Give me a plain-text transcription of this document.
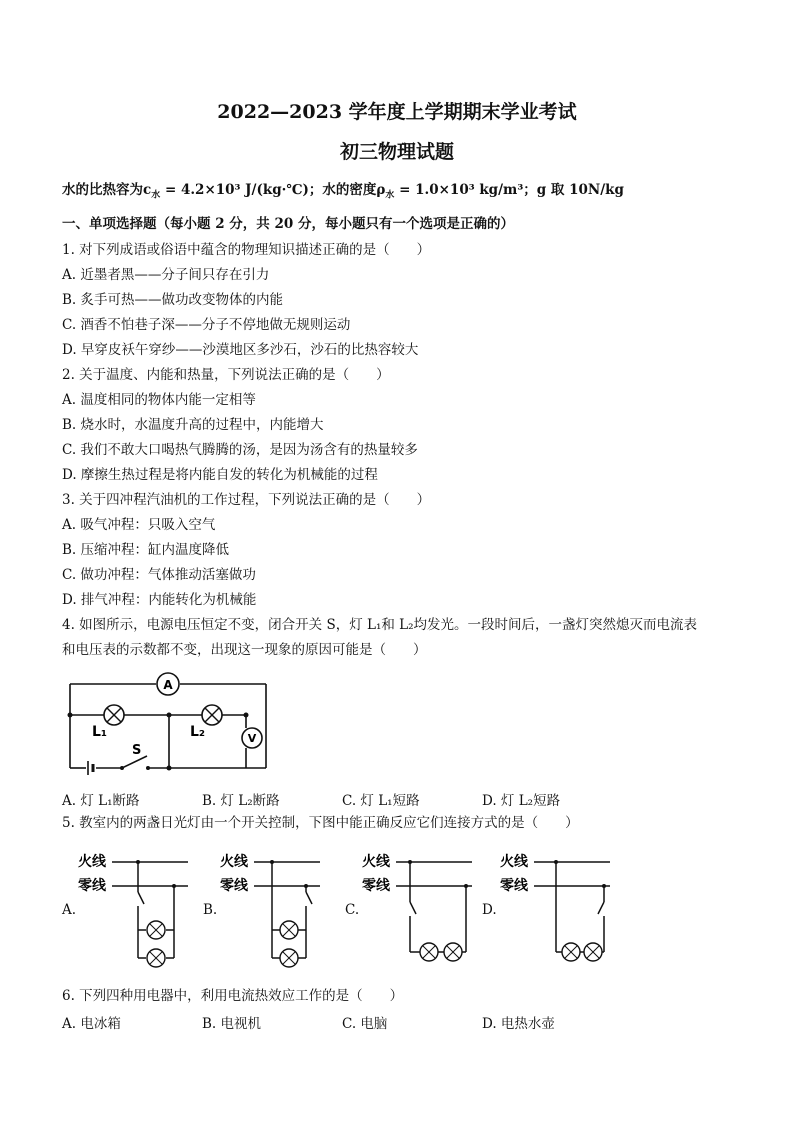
2022—2023 学年度上学期期末学业考试
初三物理试题
水的比热容为$c_水 = 4.2\times 10^3$ J/(kg·℃)；水的密度$\rho_水 = 1.0\times 10^3$ kg/m³；g 取 10N/kg
一、单项选择题（每小题 2 分，共 20 分，每小题只有一个选项是正确的）
1. 对下列成语或俗语中蕴含的物理知识描述正确的是（　　）
A. 近墨者黑——分子间只存在引力
B. 炙手可热——做功改变物体的内能
C. 酒香不怕巷子深——分子不停地做无规则运动
D. 早穿皮袄午穿纱——沙漠地区多沙石，沙石的比热容较大
2. 关于温度、内能和热量，下列说法正确的是（　　）
A. 温度相同的物体内能一定相等
B. 烧水时，水温度升高的过程中，内能增大
C. 我们不敢大口喝热气腾腾的汤，是因为汤含有的热量较多
D. 摩擦生热过程是将内能自发的转化为机械能的过程
3. 关于四冲程汽油机的工作过程，下列说法正确的是（　　）
A. 吸气冲程：只吸入空气
B. 压缩冲程：缸内温度降低
C. 做功冲程：气体推动活塞做功
D. 排气冲程：内能转化为机械能
4. 如图所示，电源电压恒定不变，闭合开关 S，灯 L₁和 L₂均发光。一段时间后，一盏灯突然熄灭而电流表
和电压表的示数都不变，出现这一现象的原因可能是（　　）
A
V
L₁	L₂
S
A. 灯 L₁断路	B. 灯 L₂断路	C. 灯 L₁短路	D. 灯 L₂短路
5. 教室内的两盏日光灯由一个开关控制，下图中能正确反应它们连接方式的是（　　）
A.	B.	C.	D.
火线
零线
火线
零线
火线
零线
火线
零线
6. 下列四种用电器中，利用电流热效应工作的是（　　）
A. 电冰箱	B. 电视机	C. 电脑	D. 电热水壶
